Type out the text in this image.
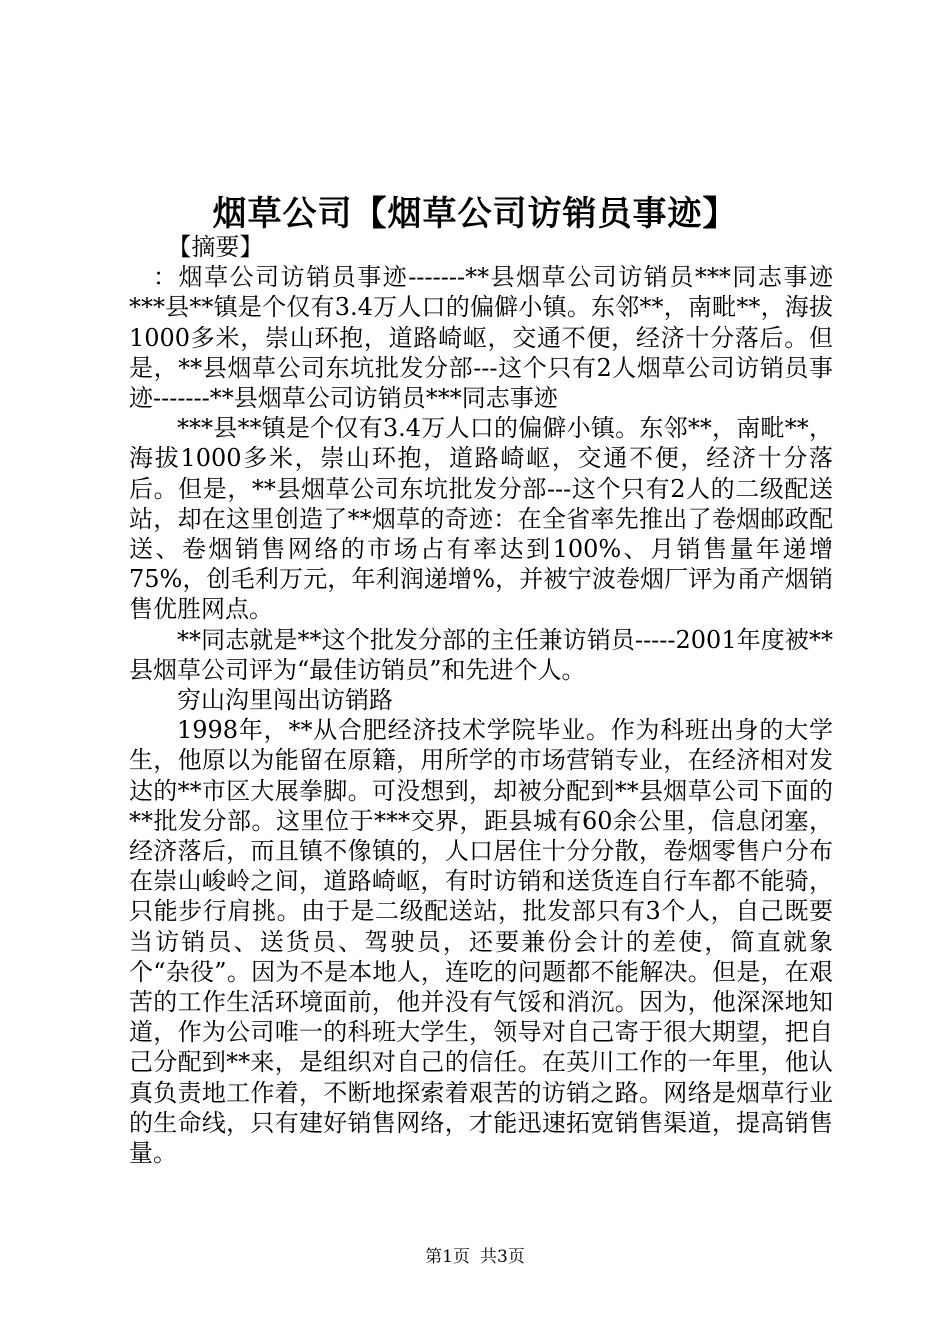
烟草公司【烟草公司访销员事迹】

【摘要】

：烟草公司访销员事迹-------**县烟草公司访销员***同志事迹***县**镇是个仅有3.4万人口的偏僻小镇。东邻**，南毗**，海拔1000多米，崇山环抱，道路崎岖，交通不便，经济十分落后。但是，**县烟草公司东坑批发分部---这个只有2人烟草公司访销员事迹-------**县烟草公司访销员***同志事迹

***县**镇是个仅有3.4万人口的偏僻小镇。东邻**，南毗**，海拔1000多米，崇山环抱，道路崎岖，交通不便，经济十分落后。但是，**县烟草公司东坑批发分部---这个只有2人的二级配送站，却在这里创造了**烟草的奇迹：在全省率先推出了卷烟邮政配送、卷烟销售网络的市场占有率达到100%、月销售量年递增75%，创毛利万元，年利润递增%，并被宁波卷烟厂评为甬产烟销售优胜网点。

**同志就是**这个批发分部的主任兼访销员-----2001年度被**县烟草公司评为“最佳访销员”和先进个人。

穷山沟里闯出访销路

1998年，**从合肥经济技术学院毕业。作为科班出身的大学生，他原以为能留在原籍，用所学的市场营销专业，在经济相对发达的**市区大展拳脚。可没想到，却被分配到**县烟草公司下面的**批发分部。这里位于***交界，距县城有60余公里，信息闭塞，经济落后，而且镇不像镇的，人口居住十分分散，卷烟零售户分布在崇山峻岭之间，道路崎岖，有时访销和送货连自行车都不能骑，只能步行肩挑。由于是二级配送站，批发部只有3个人，自己既要当访销员、送货员、驾驶员，还要兼份会计的差使，简直就象个“杂役”。因为不是本地人，连吃的问题都不能解决。但是，在艰苦的工作生活环境面前，他并没有气馁和消沉。因为，他深深地知道，作为公司唯一的科班大学生，领导对自己寄于很大期望，把自己分配到**来，是组织对自己的信任。在英川工作的一年里，他认真负责地工作着，不断地探索着艰苦的访销之路。网络是烟草行业的生命线，只有建好销售网络，才能迅速拓宽销售渠道，提高销售量。

第1页 共3页
